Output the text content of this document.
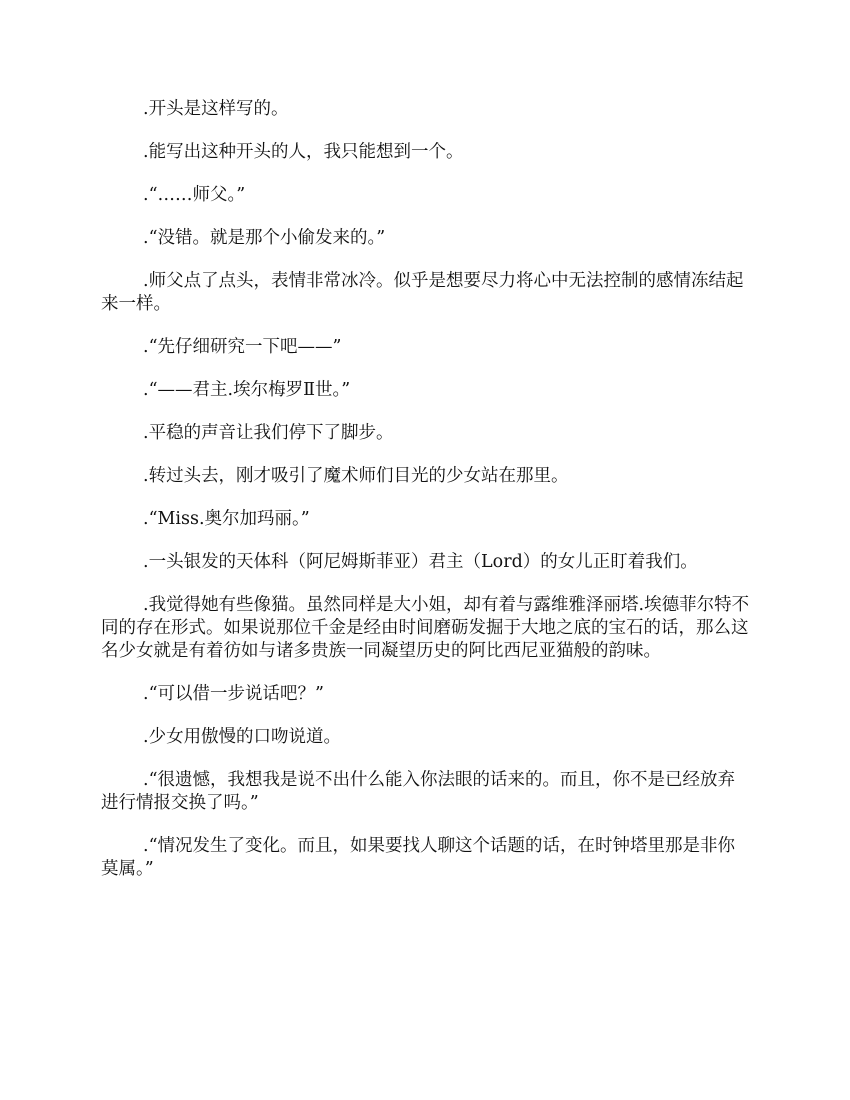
.开头是这样写的。

.能写出这种开头的人，我只能想到一个。

.“……师父。”

.“没错。就是那个小偷发来的。”

.师父点了点头，表情非常冰冷。似乎是想要尽力将心中无法控制的感情冻结起来一样。

.“先仔细研究一下吧——”

.“——君主.埃尔梅罗Ⅱ世。”

.平稳的声音让我们停下了脚步。

.转过头去，刚才吸引了魔术师们目光的少女站在那里。

.“Miss.奥尔加玛丽。”

.一头银发的天体科（阿尼姆斯菲亚）君主（Lord）的女儿正盯着我们。

.我觉得她有些像猫。虽然同样是大小姐，却有着与露维雅泽丽塔.埃德菲尔特不同的存在形式。如果说那位千金是经由时间磨砺发掘于大地之底的宝石的话，那么这名少女就是有着彷如与诸多贵族一同凝望历史的阿比西尼亚猫般的韵味。

.“可以借一步说话吧？”

.少女用傲慢的口吻说道。

.“很遗憾，我想我是说不出什么能入你法眼的话来的。而且，你不是已经放弃进行情报交换了吗。”

.“情况发生了变化。而且，如果要找人聊这个话题的话，在时钟塔里那是非你莫属。”
